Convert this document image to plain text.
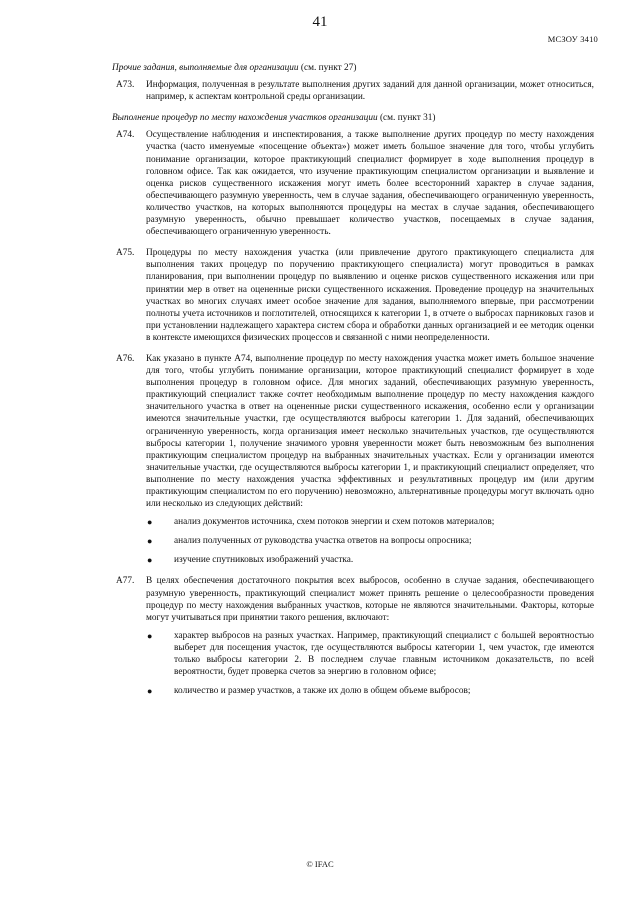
41
МСЗОУ 3410
Прочие задания, выполняемые для организации (см. пункт 27)
А73.	Информация, полученная в результате выполнения других заданий для данной организации, может относиться, например, к аспектам контрольной среды организации.
Выполнение процедур по месту нахождения участков организации (см. пункт 31)
А74.	Осуществление наблюдения и инспектирования, а также выполнение других процедур по месту нахождения участка (часто именуемые «посещение объекта») может иметь большое значение для того, чтобы углубить понимание организации, которое практикующий специалист формирует в ходе выполнения процедур в головном офисе. Так как ожидается, что изучение практикующим специалистом организации и выявление и оценка рисков существенного искажения могут иметь более всесторонний характер в случае задания, обеспечивающего разумную уверенность, чем в случае задания, обеспечивающего ограниченную уверенность, количество участков, на которых выполняются процедуры на местах в случае задания, обеспечивающего разумную уверенность, обычно превышает количество участков, посещаемых в случае задания, обеспечивающего ограниченную уверенность.
А75.	Процедуры по месту нахождения участка (или привлечение другого практикующего специалиста для выполнения таких процедур по поручению практикующего специалиста) могут проводиться в рамках планирования, при выполнении процедур по выявлению и оценке рисков существенного искажения или при принятии мер в ответ на оцененные риски существенного искажения. Проведение процедур на значительных участках во многих случаях имеет особое значение для задания, выполняемого впервые, при рассмотрении полноты учета источников и поглотителей, относящихся к категории 1, в отчете о выбросах парниковых газов и при установлении надлежащего характера систем сбора и обработки данных организацией и ее методик оценки в контексте имеющихся физических процессов и связанной с ними неопределенности.
А76.	Как указано в пункте А74, выполнение процедур по месту нахождения участка может иметь большое значение для того, чтобы углубить понимание организации, которое практикующий специалист формирует в ходе выполнения процедур в головном офисе. Для многих заданий, обеспечивающих разумную уверенность, практикующий специалист также сочтет необходимым выполнение процедур по месту нахождения каждого значительного участка в ответ на оцененные риски существенного искажения, особенно если у организации имеются значительные участки, где осуществляются выбросы категории 1. Для заданий, обеспечивающих ограниченную уверенность, когда организация имеет несколько значительных участков, где осуществляются выбросы категории 1, получение значимого уровня уверенности может быть невозможным без выполнения практикующим специалистом процедур на выбранных значительных участках. Если у организации имеются значительные участки, где осуществляются выбросы категории 1, и практикующий специалист определяет, что выполнение по месту нахождения участка эффективных и результативных процедур им (или другим практикующим специалистом по его поручению) невозможно, альтернативные процедуры могут включать одно или несколько из следующих действий:
● анализ документов источника, схем потоков энергии и схем потоков материалов;
● анализ полученных от руководства участка ответов на вопросы опросника;
● изучение спутниковых изображений участка.
А77.	В целях обеспечения достаточного покрытия всех выбросов, особенно в случае задания, обеспечивающего разумную уверенность, практикующий специалист может принять решение о целесообразности проведения процедур по месту нахождения выбранных участков, которые не являются значительными. Факторы, которые могут учитываться при принятии такого решения, включают:
● характер выбросов на разных участках. Например, практикующий специалист с большей вероятностью выберет для посещения участок, где осуществляются выбросы категории 1, чем участок, где имеются только выбросы категории 2. В последнем случае главным источником доказательств, по всей вероятности, будет проверка счетов за энергию в головном офисе;
● количество и размер участков, а также их долю в общем объеме выбросов;
© IFAC
